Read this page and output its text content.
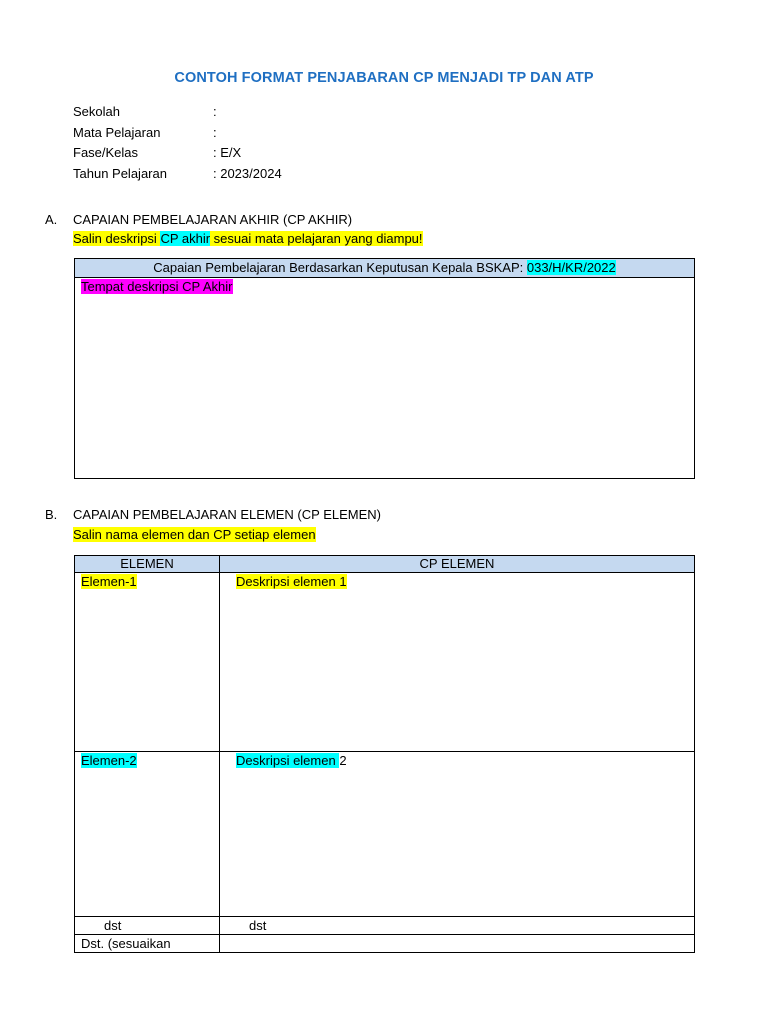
CONTOH FORMAT PENJABARAN CP MENJADI TP DAN ATP
Sekolah	:
Mata Pelajaran	:
Fase/Kelas	: E/X
Tahun Pelajaran	: 2023/2024
A. CAPAIAN PEMBELAJARAN AKHIR (CP AKHIR)
Salin deskripsi CP akhir sesuai mata pelajaran yang diampu!
Capaian Pembelajaran Berdasarkan Keputusan Kepala BSKAP: 033/H/KR/2022
Tempat deskripsi CP Akhir
B. CAPAIAN PEMBELAJARAN ELEMEN (CP ELEMEN)
Salin nama elemen dan CP setiap elemen
ELEMEN	CP ELEMEN
Elemen-1	Deskripsi elemen 1
Elemen-2	Deskripsi elemen 2
dst	dst
Dst. (sesuaikan	
